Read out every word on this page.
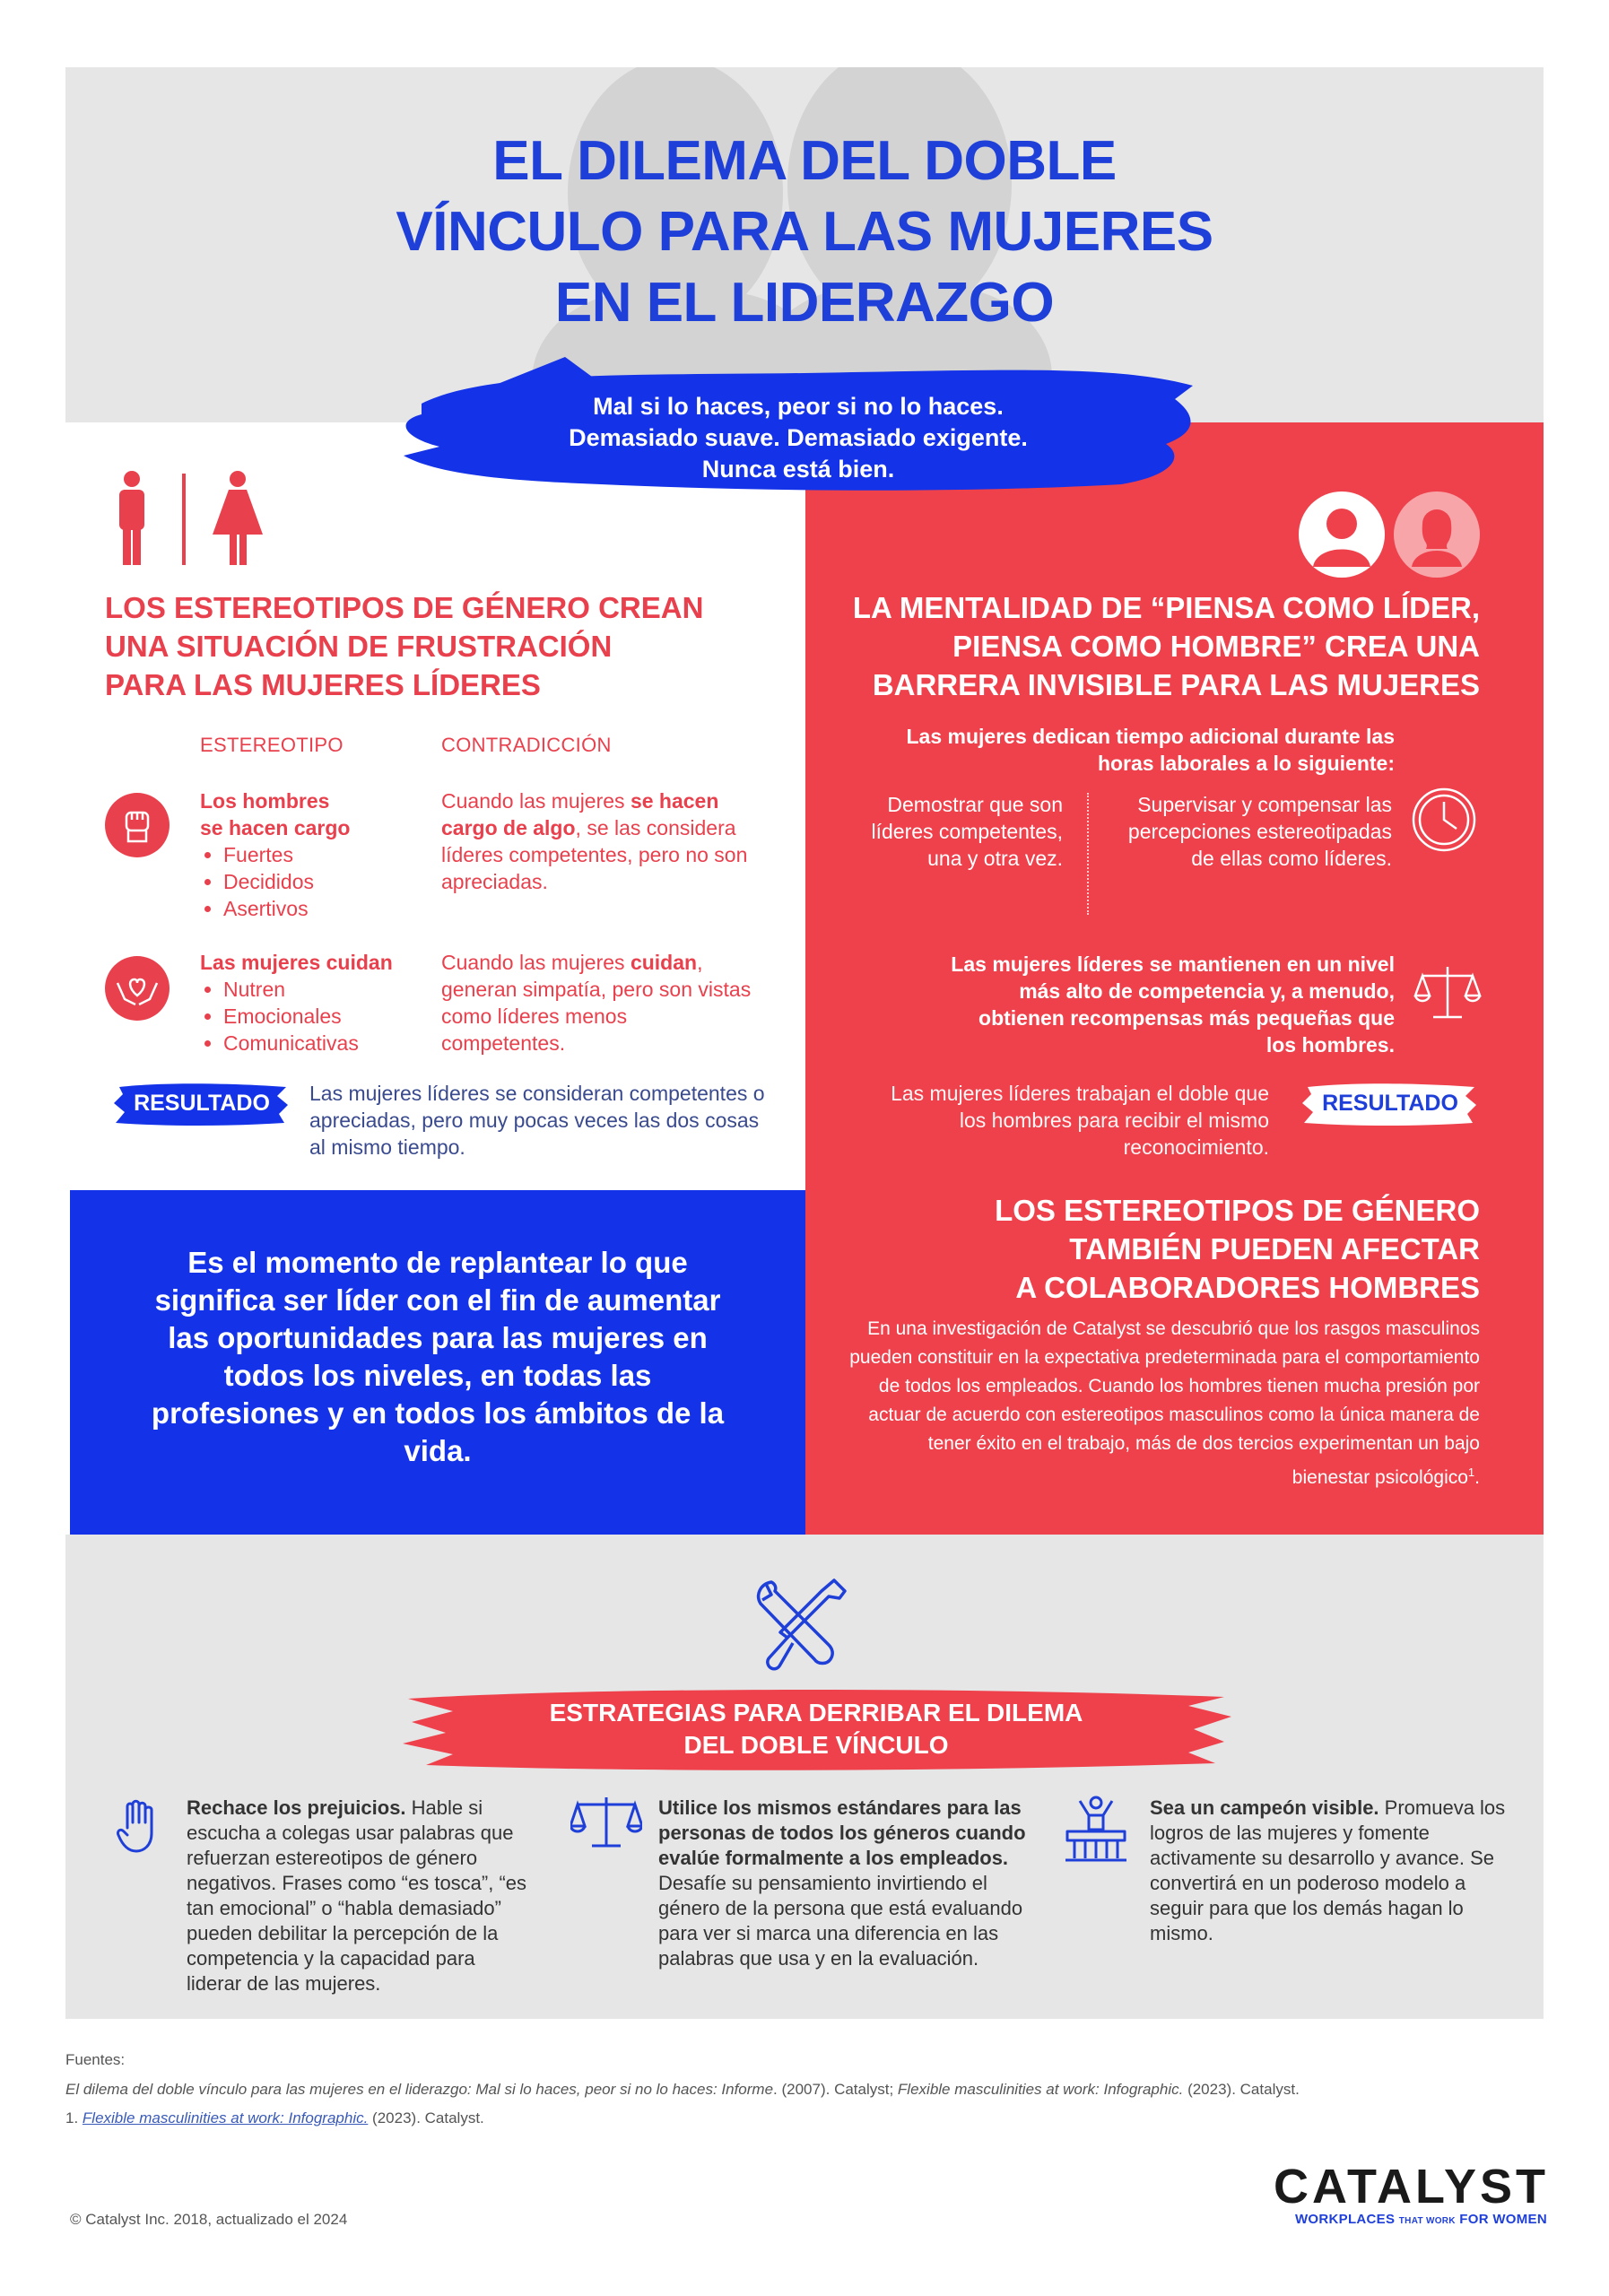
EL DILEMA DEL DOBLE
VÍNCULO PARA LAS MUJERES
EN EL LIDERAZGO
Mal si lo haces, peor si no lo haces.
Demasiado suave. Demasiado exigente.
Nunca está bien.
LOS ESTEREOTIPOS DE GÉNERO CREAN
UNA SITUACIÓN DE FRUSTRACIÓN
PARA LAS MUJERES LÍDERES
ESTEREOTIPO	CONTRADICCIÓN
Los hombres
se hacen cargo
• Fuertes
• Decididos
• Asertivos
Cuando las mujeres se hacen cargo de algo, se las considera líderes competentes, pero no son apreciadas.
Las mujeres cuidan
• Nutren
• Emocionales
• Comunicativas
Cuando las mujeres cuidan, generan simpatía, pero son vistas como líderes menos competentes.
RESULTADO	Las mujeres líderes se consideran competentes o apreciadas, pero muy pocas veces las dos cosas al mismo tiempo.
LA MENTALIDAD DE “PIENSA COMO LÍDER,
PIENSA COMO HOMBRE” CREA UNA
BARRERA INVISIBLE PARA LAS MUJERES
Las mujeres dedican tiempo adicional durante las horas laborales a lo siguiente:
Demostrar que son líderes competentes, una y otra vez.
Supervisar y compensar las percepciones estereotipadas de ellas como líderes.
Las mujeres líderes se mantienen en un nivel más alto de competencia y, a menudo, obtienen recompensas más pequeñas que los hombres.
Las mujeres líderes trabajan el doble que los hombres para recibir el mismo reconocimiento.
RESULTADO
LOS ESTEREOTIPOS DE GÉNERO
TAMBIÉN PUEDEN AFECTAR
A COLABORADORES HOMBRES
En una investigación de Catalyst se descubrió que los rasgos masculinos pueden constituir en la expectativa predeterminada para el comportamiento de todos los empleados. Cuando los hombres tienen mucha presión por actuar de acuerdo con estereotipos masculinos como la única manera de tener éxito en el trabajo, más de dos tercios experimentan un bajo bienestar psicológico$^1$.
Es el momento de replantear lo que significa ser líder con el fin de aumentar las oportunidades para las mujeres en todos los niveles, en todas las profesiones y en todos los ámbitos de la vida.
ESTRATEGIAS PARA DERRIBAR EL DILEMA
DEL DOBLE VÍNCULO
Rechace los prejuicios. Hable si escucha a colegas usar palabras que refuerzan estereotipos de género negativos. Frases como “es tosca”, “es tan emocional” o “habla demasiado” pueden debilitar la percepción de la competencia y la capacidad para liderar de las mujeres.
Utilice los mismos estándares para las personas de todos los géneros cuando evalúe formalmente a los empleados. Desafíe su pensamiento invirtiendo el género de la persona que está evaluando para ver si marca una diferencia en las palabras que usa y en la evaluación.
Sea un campeón visible. Promueva los logros de las mujeres y fomente activamente su desarrollo y avance. Se convertirá en un poderoso modelo a seguir para que los demás hagan lo mismo.
Fuentes:
El dilema del doble vínculo para las mujeres en el liderazgo: Mal si lo haces, peor si no lo haces: Informe. (2007). Catalyst; Flexible masculinities at work: Infographic. (2023). Catalyst.
1. Flexible masculinities at work: Infographic. (2023). Catalyst.
© Catalyst Inc. 2018, actualizado el 2024
CATALYST
WORKPLACES THAT WORK FOR WOMEN
